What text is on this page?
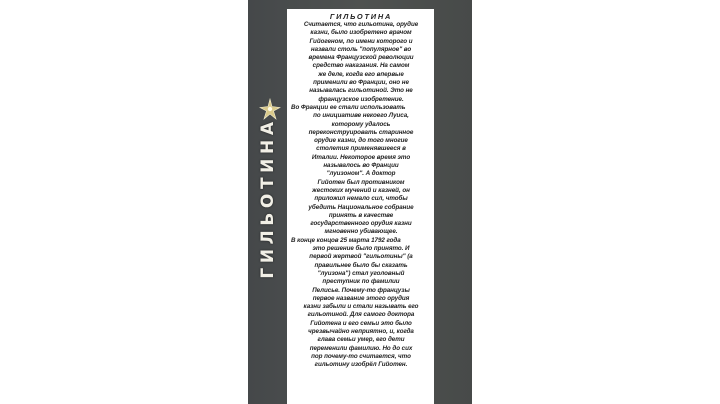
ГИЛЬОТИНА
ГИЛЬОТИНА

Считается, что гильотина, орудие

казни, было изобретено врачом

Гийогеном, по имени которого и

назвали столь "популярное" во

времена Французской революции

средство наказания. На самом

же деле, когда его впервые

применили во Франции, оно не

называлась гильотиной. Это не

французское изобретение.

Во Франции ее стали использовать

по инициативе некоего Луиса,

которому удалось

переконструировать старинное

орудие казни, до того многие

столетия применявшееся в

Италии. Некоторое время это

называлось во Франции

"луизоном". А доктор

Гийотен был противником

жестоких мучений и казней, он

приложил немало сил, чтобы

убедить Национальное собрание

принять в качестве

государственного орудия казни

мгновенно убивающее.

В конце концов 25 марта 1792 года

это решение было принято. И

первой жертвой "гильотины" (а

правильнее было бы сказать

"луизона") стал уголовный

преступник по фамилии

Пелисье. Почему-то французы

первое название этого орудия

казни забыли и стали называть его

гильотиной. Для самого доктора

Гийотена и его семьи это было

чрезвычайно неприятно, и, когда

глава семьи умер, его дети

переменили фамилию. Но до сих

пор почему-то считается, что

гильотину изобрёл Гийотен.
